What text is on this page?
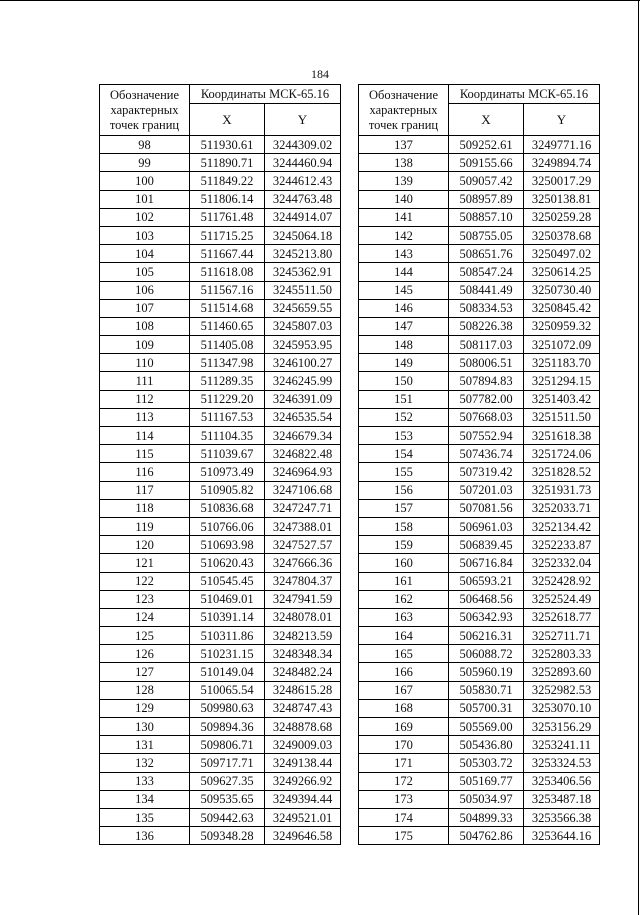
184
Обозначение
характерных
точек границ	Координаты МСК-65.16	
	X	Y
98	511930.61	3244309.02
99	511890.71	3244460.94
100	511849.22	3244612.43
101	511806.14	3244763.48
102	511761.48	3244914.07
103	511715.25	3245064.18
104	511667.44	3245213.80
105	511618.08	3245362.91
106	511567.16	3245511.50
107	511514.68	3245659.55
108	511460.65	3245807.03
109	511405.08	3245953.95
110	511347.98	3246100.27
111	511289.35	3246245.99
112	511229.20	3246391.09
113	511167.53	3246535.54
114	511104.35	3246679.34
115	511039.67	3246822.48
116	510973.49	3246964.93
117	510905.82	3247106.68
118	510836.68	3247247.71
119	510766.06	3247388.01
120	510693.98	3247527.57
121	510620.43	3247666.36
122	510545.45	3247804.37
123	510469.01	3247941.59
124	510391.14	3248078.01
125	510311.86	3248213.59
126	510231.15	3248348.34
127	510149.04	3248482.24
128	510065.54	3248615.28
129	509980.63	3248747.43
130	509894.36	3248878.68
131	509806.71	3249009.03
132	509717.71	3249138.44
133	509627.35	3249266.92
134	509535.65	3249394.44
135	509442.63	3249521.01
136	509348.28	3249646.58
Обозначение
характерных
точек границ	Координаты МСК-65.16	
	X	Y
137	509252.61	3249771.16
138	509155.66	3249894.74
139	509057.42	3250017.29
140	508957.89	3250138.81
141	508857.10	3250259.28
142	508755.05	3250378.68
143	508651.76	3250497.02
144	508547.24	3250614.25
145	508441.49	3250730.40
146	508334.53	3250845.42
147	508226.38	3250959.32
148	508117.03	3251072.09
149	508006.51	3251183.70
150	507894.83	3251294.15
151	507782.00	3251403.42
152	507668.03	3251511.50
153	507552.94	3251618.38
154	507436.74	3251724.06
155	507319.42	3251828.52
156	507201.03	3251931.73
157	507081.56	3252033.71
158	506961.03	3252134.42
159	506839.45	3252233.87
160	506716.84	3252332.04
161	506593.21	3252428.92
162	506468.56	3252524.49
163	506342.93	3252618.77
164	506216.31	3252711.71
165	506088.72	3252803.33
166	505960.19	3252893.60
167	505830.71	3252982.53
168	505700.31	3253070.10
169	505569.00	3253156.29
170	505436.80	3253241.11
171	505303.72	3253324.53
172	505169.77	3253406.56
173	505034.97	3253487.18
174	504899.33	3253566.38
175	504762.86	3253644.16
